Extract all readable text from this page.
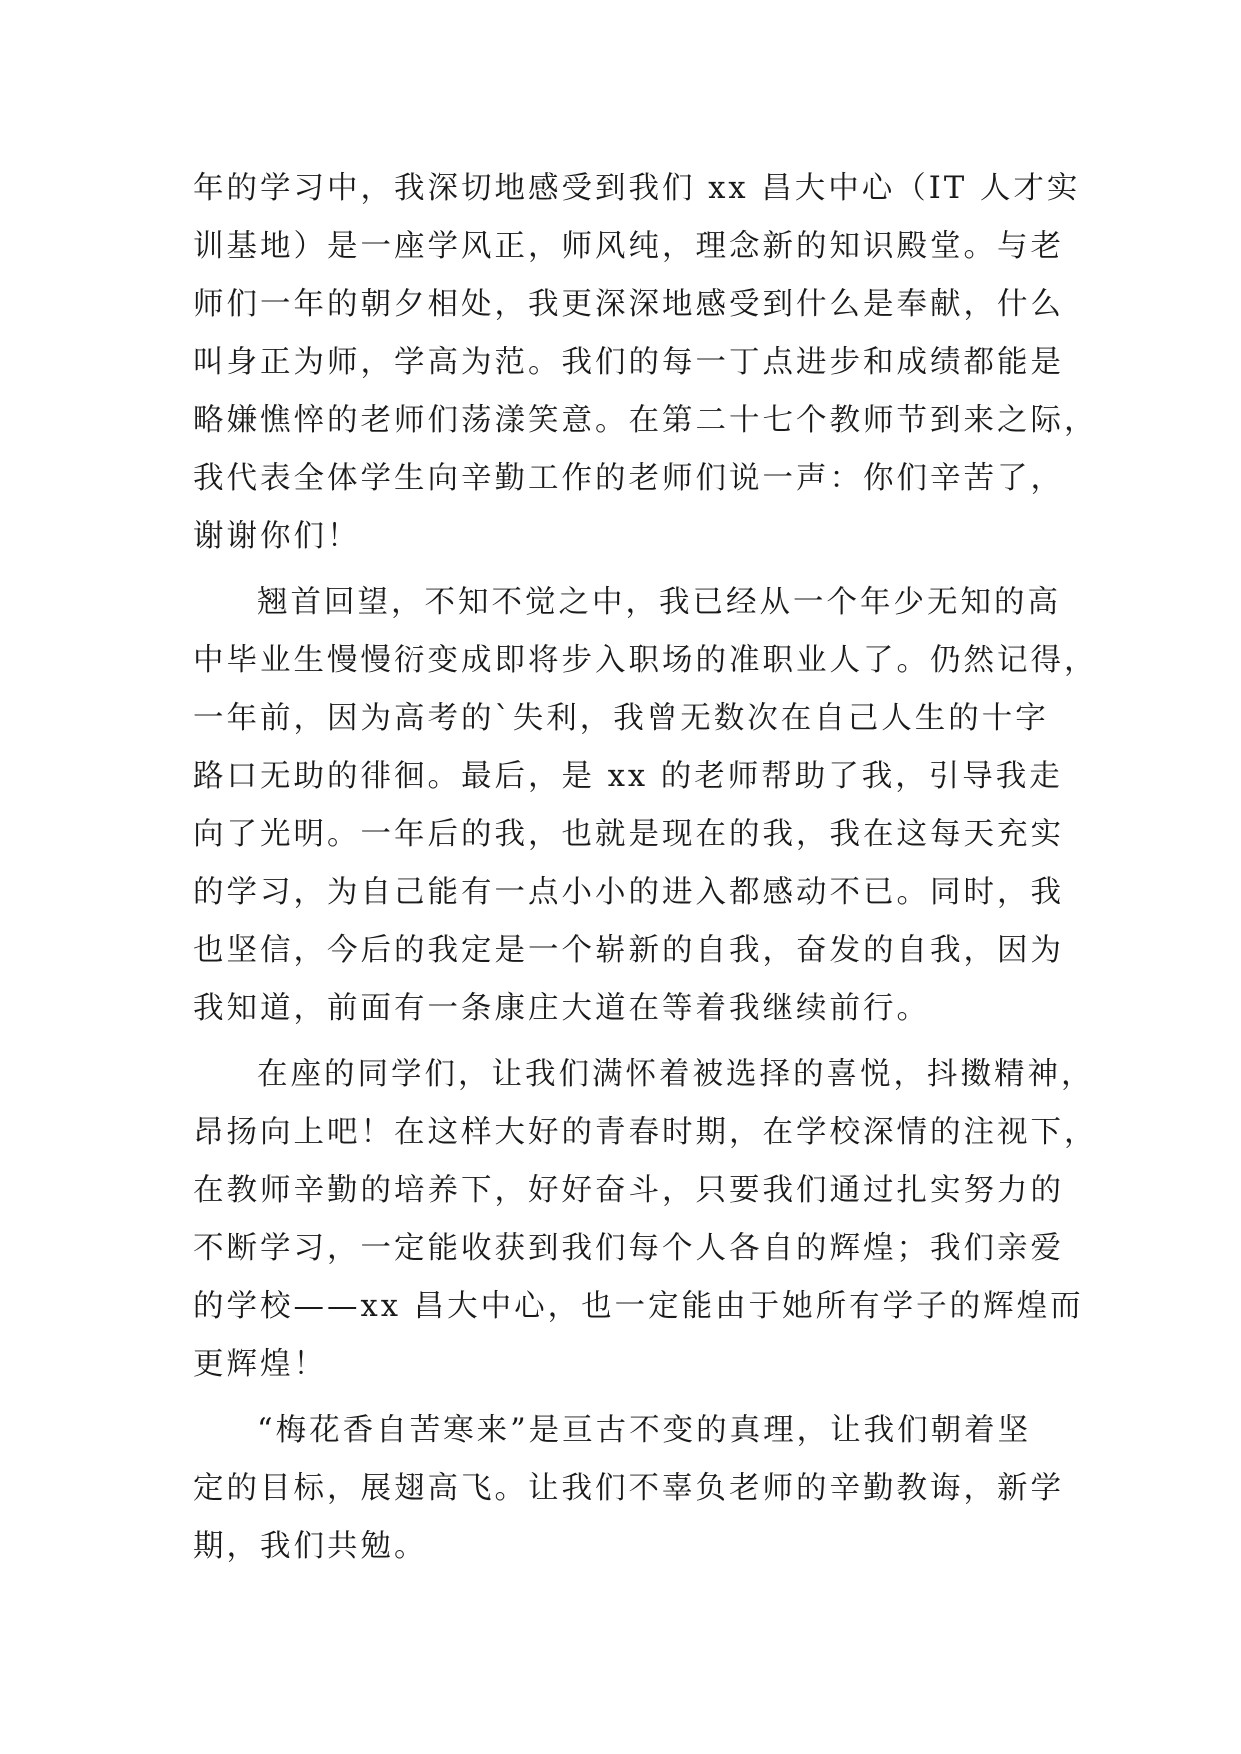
年的学习中，我深切地感受到我们 xx 昌大中心（IT 人才实
训基地）是一座学风正，师风纯，理念新的知识殿堂。与老
师们一年的朝夕相处，我更深深地感受到什么是奉献，什么
叫身正为师，学高为范。我们的每一丁点进步和成绩都能是
略嫌憔悴的老师们荡漾笑意。在第二十七个教师节到来之际，
我代表全体学生向辛勤工作的老师们说一声：你们辛苦了，
谢谢你们！
翘首回望，不知不觉之中，我已经从一个年少无知的高
中毕业生慢慢衍变成即将步入职场的准职业人了。仍然记得，
一年前，因为高考的`失利，我曾无数次在自己人生的十字
路口无助的徘徊。最后，是 xx 的老师帮助了我，引导我走
向了光明。一年后的我，也就是现在的我，我在这每天充实
的学习，为自己能有一点小小的进入都感动不已。同时，我
也坚信，今后的我定是一个崭新的自我，奋发的自我，因为
我知道，前面有一条康庄大道在等着我继续前行。
在座的同学们，让我们满怀着被选择的喜悦，抖擞精神，
昂扬向上吧！在这样大好的青春时期，在学校深情的注视下，
在教师辛勤的培养下，好好奋斗，只要我们通过扎实努力的
不断学习，一定能收获到我们每个人各自的辉煌；我们亲爱
的学校——xx 昌大中心，也一定能由于她所有学子的辉煌而
更辉煌！
“梅花香自苦寒来”是亘古不变的真理，让我们朝着坚
定的目标，展翅高飞。让我们不辜负老师的辛勤教诲，新学
期，我们共勉。
